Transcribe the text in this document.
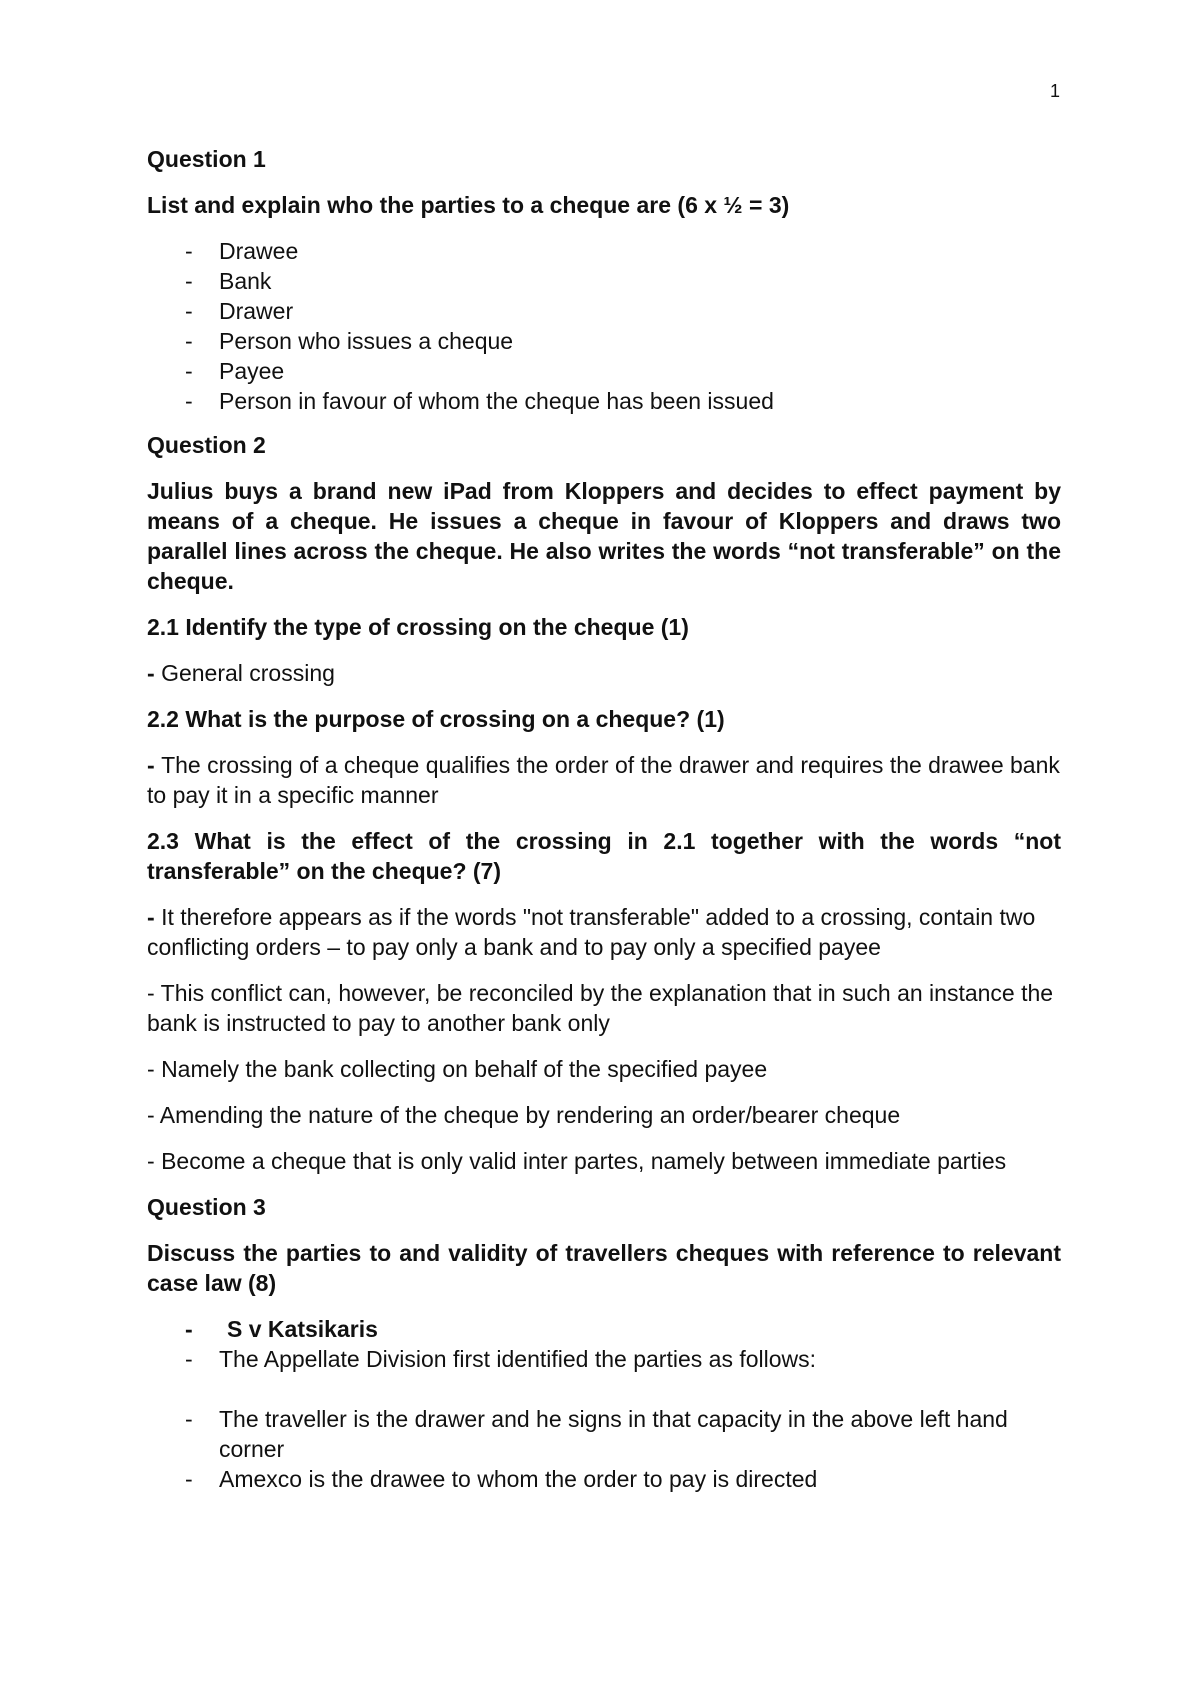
1
Question 1
List and explain who the parties to a cheque are (6 x ½ = 3)
- Drawee
- Bank
- Drawer
- Person who issues a cheque
- Payee
- Person in favour of whom the cheque has been issued
Question 2
Julius buys a brand new iPad from Kloppers and decides to effect payment by means of a cheque. He issues a cheque in favour of Kloppers and draws two parallel lines across the cheque. He also writes the words “not transferable” on the cheque.
2.1 Identify the type of crossing on the cheque (1)
- General crossing
2.2 What is the purpose of crossing on a cheque? (1)
- The crossing of a cheque qualifies the order of the drawer and requires the drawee bank to pay it in a specific manner
2.3 What is the effect of the crossing in 2.1 together with the words “not transferable” on the cheque? (7)
- It therefore appears as if the words "not transferable" added to a crossing, contain two conflicting orders – to pay only a bank and to pay only a specified payee
- This conflict can, however, be reconciled by the explanation that in such an instance the bank is instructed to pay to another bank only
- Namely the bank collecting on behalf of the specified payee
- Amending the nature of the cheque by rendering an order/bearer cheque
- Become a cheque that is only valid inter partes, namely between immediate parties
Question 3
Discuss the parties to and validity of travellers cheques with reference to relevant case law (8)
- S v Katsikaris
- The Appellate Division first identified the parties as follows:
- The traveller is the drawer and he signs in that capacity in the above left hand corner
- Amexco is the drawee to whom the order to pay is directed
